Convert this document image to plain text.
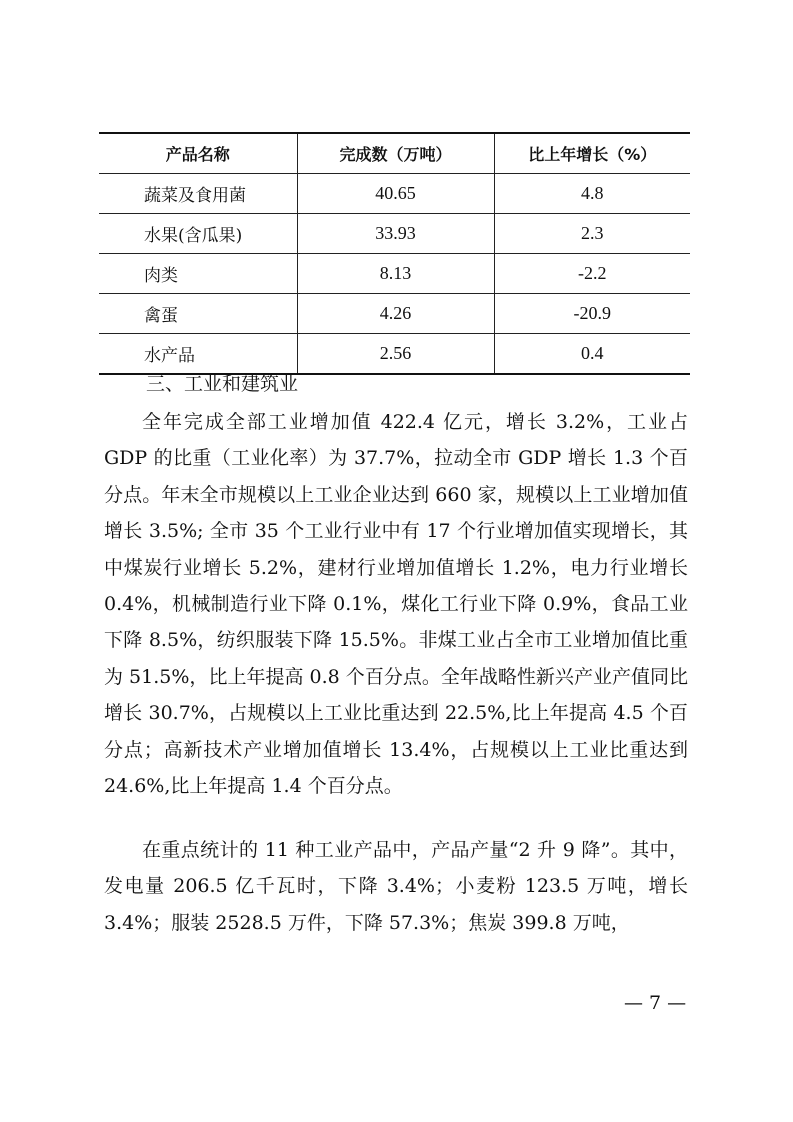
产品名称	完成数（万吨）	比上年增长（%）
蔬菜及食用菌	40.65	4.8
水果(含瓜果)	33.93	2.3
肉类	8.13	-2.2
禽蛋	4.26	-20.9
水产品	2.56	0.4
三、工业和建筑业

全年完成全部工业增加值 422.4 亿元，增长 3.2%，工业占 GDP 的比重（工业化率）为 37.7%，拉动全市 GDP 增长 1.3 个百分点。年末全市规模以上工业企业达到 660 家，规模以上工业增加值增长 3.5%; 全市 35 个工业行业中有 17 个行业增加值实现增长，其中煤炭行业增长 5.2%，建材行业增加值增长 1.2%，电力行业增长 0.4%，机械制造行业下降 0.1%，煤化工行业下降 0.9%，食品工业下降 8.5%，纺织服装下降 15.5%。非煤工业占全市工业增加值比重为 51.5%，比上年提高 0.8 个百分点。全年战略性新兴产业产值同比增长 30.7%，占规模以上工业比重达到 22.5%,比上年提高 4.5 个百分点；高新技术产业增加值增长 13.4%，占规模以上工业比重达到 24.6%,比上年提高 1.4 个百分点。

在重点统计的 11 种工业产品中，产品产量“2 升 9 降”。其中，发电量 206.5 亿千瓦时，下降 3.4%；小麦粉 123.5 万吨，增长 3.4%；服装 2528.5 万件，下降 57.3%；焦炭 399.8 万吨，

— 7 —
